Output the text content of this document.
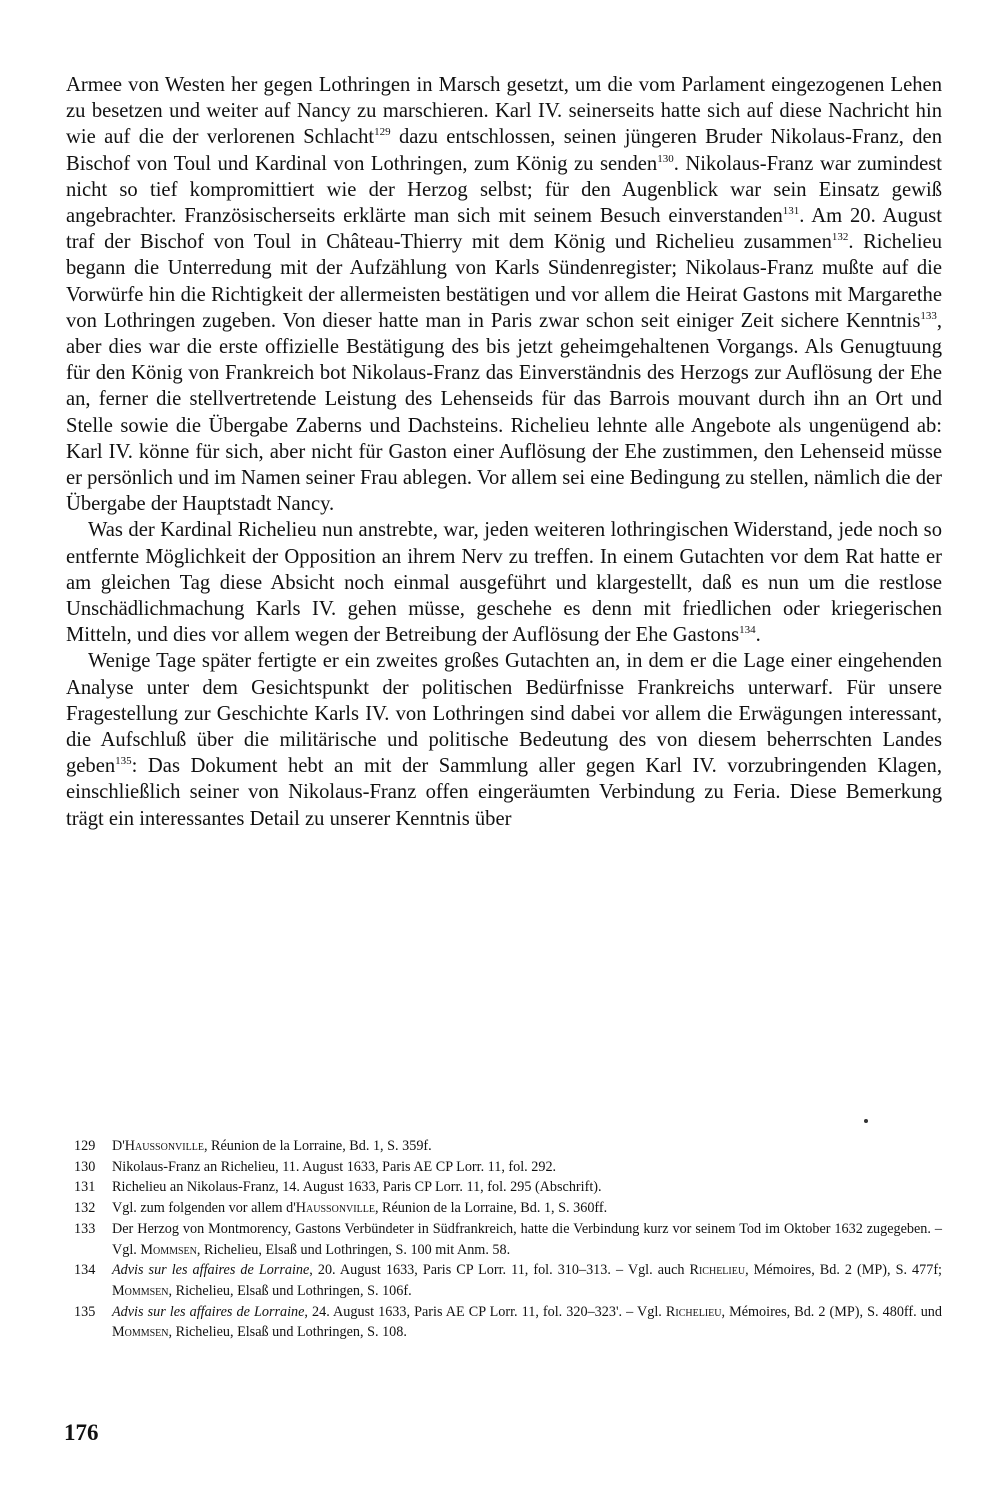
Armee von Westen her gegen Lothringen in Marsch gesetzt, um die vom Parlament eingezogenen Lehen zu besetzen und weiter auf Nancy zu marschieren. Karl IV. seinerseits hatte sich auf diese Nachricht hin wie auf die der verlorenen Schlacht$^{129}$ dazu entschlossen, seinen jüngeren Bruder Nikolaus-Franz, den Bischof von Toul und Kardinal von Lothringen, zum König zu senden$^{130}$. Nikolaus-Franz war zumindest nicht so tief kompromittiert wie der Herzog selbst; für den Augenblick war sein Einsatz gewiß angebrachter. Französischerseits erklärte man sich mit seinem Besuch einverstanden$^{131}$. Am 20. August traf der Bischof von Toul in Château-Thierry mit dem König und Richelieu zusammen$^{132}$. Richelieu begann die Unterredung mit der Aufzählung von Karls Sündenregister; Nikolaus-Franz mußte auf die Vorwürfe hin die Richtigkeit der allermeisten bestätigen und vor allem die Heirat Gastons mit Margarethe von Lothringen zugeben. Von dieser hatte man in Paris zwar schon seit einiger Zeit sichere Kenntnis$^{133}$, aber dies war die erste offizielle Bestätigung des bis jetzt geheimgehaltenen Vorgangs. Als Genugtuung für den König von Frankreich bot Nikolaus-Franz das Einverständnis des Herzogs zur Auflösung der Ehe an, ferner die stellvertretende Leistung des Lehenseids für das Barrois mouvant durch ihn an Ort und Stelle sowie die Übergabe Zaberns und Dachsteins. Richelieu lehnte alle Angebote als ungenügend ab: Karl IV. könne für sich, aber nicht für Gaston einer Auflösung der Ehe zustimmen, den Lehenseid müsse er persönlich und im Namen seiner Frau ablegen. Vor allem sei eine Bedingung zu stellen, nämlich die der Übergabe der Hauptstadt Nancy.

Was der Kardinal Richelieu nun anstrebte, war, jeden weiteren lothringischen Widerstand, jede noch so entfernte Möglichkeit der Opposition an ihrem Nerv zu treffen. In einem Gutachten vor dem Rat hatte er am gleichen Tag diese Absicht noch einmal ausgeführt und klargestellt, daß es nun um die restlose Unschädlichmachung Karls IV. gehen müsse, geschehe es denn mit friedlichen oder kriegerischen Mitteln, und dies vor allem wegen der Betreibung der Auflösung der Ehe Gastons$^{134}$.

Wenige Tage später fertigte er ein zweites großes Gutachten an, in dem er die Lage einer eingehenden Analyse unter dem Gesichtspunkt der politischen Bedürfnisse Frankreichs unterwarf. Für unsere Fragestellung zur Geschichte Karls IV. von Lothringen sind dabei vor allem die Erwägungen interessant, die Aufschluß über die militärische und politische Bedeutung des von diesem beherrschten Landes geben$^{135}$: Das Dokument hebt an mit der Sammlung aller gegen Karl IV. vorzubringenden Klagen, einschließlich seiner von Nikolaus-Franz offen eingeräumten Verbindung zu Feria. Diese Bemerkung trägt ein interessantes Detail zu unserer Kenntnis über

129	D'Haussonville, Réunion de la Lorraine, Bd. 1, S. 359f.
130	Nikolaus-Franz an Richelieu, 11. August 1633, Paris AE CP Lorr. 11, fol. 292.
131	Richelieu an Nikolaus-Franz, 14. August 1633, Paris CP Lorr. 11, fol. 295 (Abschrift).
132	Vgl. zum folgenden vor allem d'Haussonville, Réunion de la Lorraine, Bd. 1, S. 360ff.
133	Der Herzog von Montmorency, Gastons Verbündeter in Südfrankreich, hatte die Verbindung kurz vor seinem Tod im Oktober 1632 zugegeben. – Vgl. Mommsen, Richelieu, Elsaß und Lothringen, S. 100 mit Anm. 58.
134	Advis sur les affaires de Lorraine, 20. August 1633, Paris CP Lorr. 11, fol. 310–313. – Vgl. auch Richelieu, Mémoires, Bd. 2 (MP), S. 477f; Mommsen, Richelieu, Elsaß und Lothringen, S. 106f.
135	Advis sur les affaires de Lorraine, 24. August 1633, Paris AE CP Lorr. 11, fol. 320–323'. – Vgl. Richelieu, Mémoires, Bd. 2 (MP), S. 480ff. und Mommsen, Richelieu, Elsaß und Lothringen, S. 108.
176
